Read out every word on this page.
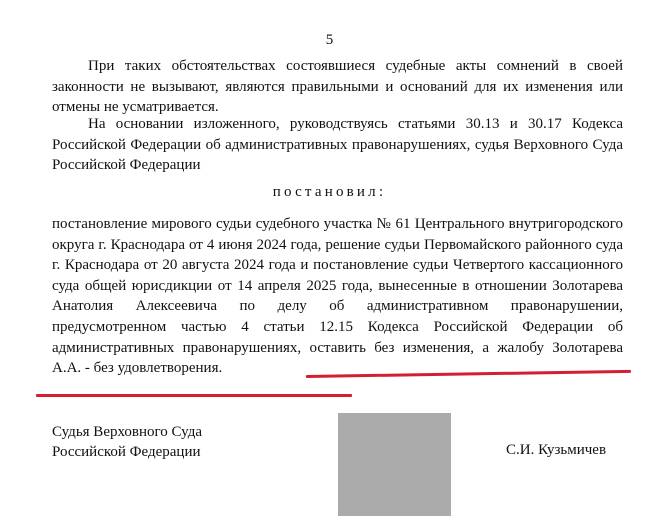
5

При таких обстоятельствах состоявшиеся судебные акты сомнений в своей законности не вызывают, являются правильными и оснований для их изменения или отмены не усматривается.

На основании изложенного, руководствуясь статьями 30.13 и 30.17 Кодекса Российской Федерации об административных правонарушениях, судья Верховного Суда Российской Федерации

постановил:

постановление мирового судьи судебного участка № 61 Центрального внутригородского округа г. Краснодара от 4 июня 2024 года, решение судьи Первомайского районного суда г. Краснодара от 20 августа 2024 года и постановление судьи Четвертого кассационного суда общей юрисдикции от 14 апреля 2025 года, вынесенные в отношении Золотарева Анатолия Алексеевича по делу об административном правонарушении, предусмотренном частью 4 статьи 12.15 Кодекса Российской Федерации об административных правонарушениях, оставить без изменения, а жалобу Золотарева А.А. - без удовлетворения.

Судья Верховного Суда
Российской Федерации	С.И. Кузьмичев
